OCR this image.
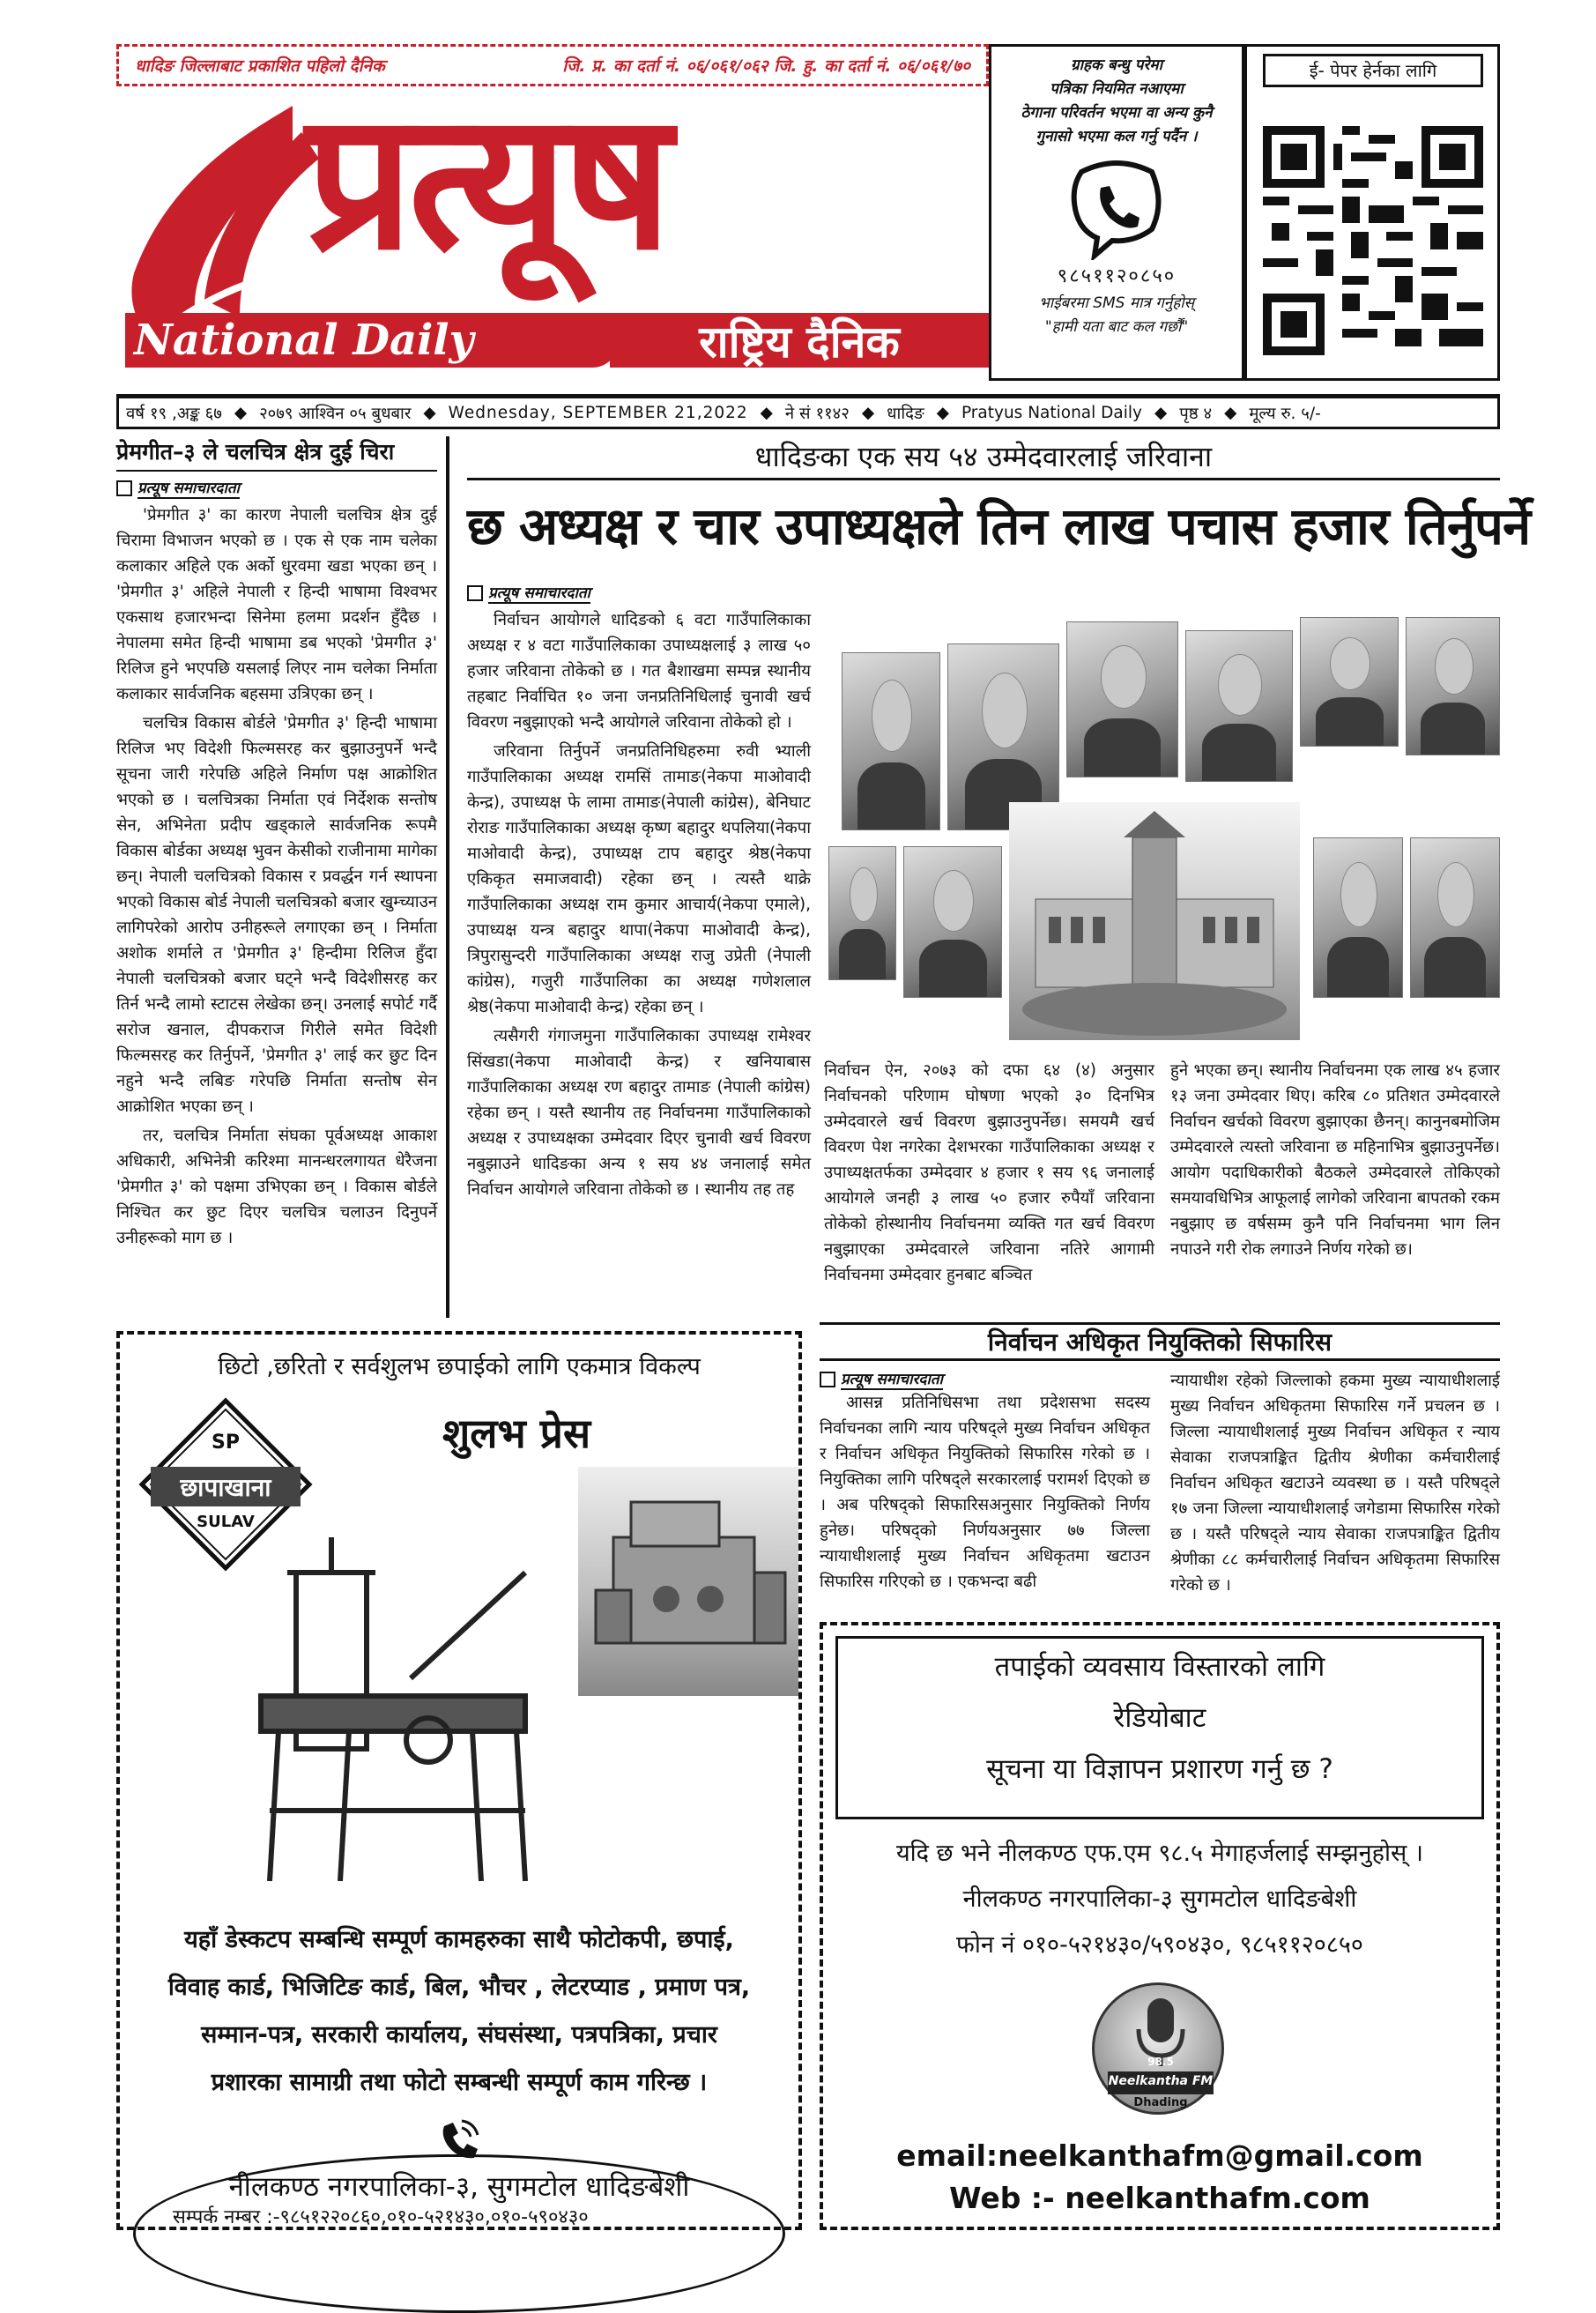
धादिङ जिल्लाबाट प्रकाशित पहिलो दैनिक	जि. प्र. का दर्ता नं. ०६/०६१/०६२ जि. हु. का दर्ता नं. ०६/०६१/७०
प्रत्यूष
National Daily	राष्ट्रिय दैनिक
ग्राहक बन्धु परेमा
पत्रिका नियमित नआएमा
ठेगाना परिवर्तन भएमा वा अन्य कुनै
गुनासो भएमा कल गर्नु पर्दैन ।
९८५११२०८५०
भाईबरमा SMS मात्र गर्नुहोस्
"हामी यता बाट कल गर्छौं"
ई- पेपर हेर्नका लागि
वर्ष १९ ,अङ्क ६७ ◆ २०७९ आश्विन ०५ बुधबार ◆ Wednesday, SEPTEMBER 21,2022 ◆ ने सं ११४२ ◆ धादिङ ◆ Pratyus National Daily ◆ पृष्ठ ४ ◆ मूल्य रु. ५/-
प्रेमगीत–३ ले चलचित्र क्षेत्र दुई चिरा
प्रत्यूष समाचारदाता

'प्रेमगीत ३' का कारण नेपाली चलचित्र क्षेत्र दुई चिरामा विभाजन भएको छ । एक से एक नाम चलेका कलाकार अहिले एक अर्को धु्रवमा खडा भएका छन् । 'प्रेमगीत ३' अहिले नेपाली र हिन्दी भाषामा विश्वभर एकसाथ हजारभन्दा सिनेमा हलमा प्रदर्शन हुँदैछ । नेपालमा समेत हिन्दी भाषामा डब भएको 'प्रेमगीत ३' रिलिज हुने भएपछि यसलाई लिएर नाम चलेका निर्माता कलाकार सार्वजनिक बहसमा उत्रिएका छन् ।

चलचित्र विकास बोर्डले 'प्रेमगीत ३' हिन्दी भाषामा रिलिज भए विदेशी फिल्मसरह कर बुझाउनुपर्ने भन्दै सूचना जारी गरेपछि अहिले निर्माण पक्ष आक्रोशित भएको छ । चलचित्रका निर्माता एवं निर्देशक सन्तोष सेन, अभिनेता प्रदीप खड्काले सार्वजनिक रूपमै विकास बोर्डका अध्यक्ष भुवन केसीको राजीनामा मागेका छन्। नेपाली चलचित्रको विकास र प्रवर्द्धन गर्न स्थापना भएको विकास बोर्ड नेपाली चलचित्रको बजार खुम्च्याउन लागिपरेको आरोप उनीहरूले लगाएका छन् । निर्माता अशोक शर्माले त 'प्रेमगीत ३' हिन्दीमा रिलिज हुँदा नेपाली चलचित्रको बजार घट्ने भन्दै विदेशीसरह कर तिर्न भन्दै लामो स्टाटस लेखेका छन्। उनलाई सपोर्ट गर्दै सरोज खनाल, दीपकराज गिरीले समेत विदेशी फिल्मसरह कर तिर्नुपर्ने, 'प्रेमगीत ३' लाई कर छुट दिन नहुने भन्दै लबिङ गरेपछि निर्माता सन्तोष सेन आक्रोशित भएका छन् ।

तर, चलचित्र निर्माता संघका पूर्वअध्यक्ष आकाश अधिकारी, अभिनेत्री करिश्मा मानन्धरलगायत धेरैजना 'प्रेमगीत ३' को पक्षमा उभिएका छन् । विकास बोर्डले निश्चित कर छुट दिएर चलचित्र चलाउन दिनुपर्ने उनीहरूको माग छ ।

धादिङका एक सय ५४ उम्मेदवारलाई जरिवाना
छ अध्यक्ष र चार उपाध्यक्षले तिन लाख पचास हजार तिर्नुपर्ने
प्रत्यूष समाचारदाता

निर्वाचन आयोगले धादिङको ६ वटा गाउँपालिकाका अध्यक्ष र ४ वटा गाउँपालिकाका उपाध्यक्षलाई ३ लाख ५० हजार जरिवाना तोकेको छ । गत बैशाखमा सम्पन्न स्थानीय तहबाट निर्वाचित १० जना जनप्रतिनिधिलाई चुनावी खर्च विवरण नबुझाएको भन्दै आयोगले जरिवाना तोकेको हो ।

जरिवाना तिर्नुपर्ने जनप्रतिनिधिहरुमा रुवी भ्याली गाउँपालिकाका अध्यक्ष रामसिं तामाङ(नेकपा माओवादी केन्द्र), उपाध्यक्ष फे लामा तामाङ(नेपाली कांग्रेस), बेनिघाट रोराङ गाउँपालिकाका अध्यक्ष कृष्ण बहादुर थपलिया(नेकपा माओवादी केन्द्र), उपाध्यक्ष टाप बहादुर श्रेष्ठ(नेकपा एकिकृत समाजवादी) रहेका छन् । त्यस्तै थाक्रे गाउँपालिकाका अध्यक्ष राम कुमार आचार्य(नेकपा एमाले), उपाध्यक्ष यन्त्र बहादुर थापा(नेकपा माओवादी केन्द्र), त्रिपुरासुन्दरी गाउँपालिकाका अध्यक्ष राजु उप्रेती (नेपाली कांग्रेस), गजुरी गाउँपालिका का अध्यक्ष गणेशलाल श्रेष्ठ(नेकपा माओवादी केन्द्र) रहेका छन् ।

त्यसैगरी गंगाजमुना गाउँपालिकाका उपाध्यक्ष रामेश्वर सिंखडा(नेकपा माओवादी केन्द्र) र खनियाबास गाउँपालिकाका अध्यक्ष रण बहादुर तामाङ (नेपाली कांग्रेस) रहेका छन् । यस्तै स्थानीय तह निर्वाचनमा गाउँपालिकाको अध्यक्ष र उपाध्यक्षका उम्मेदवार दिएर चुनावी खर्च विवरण नबुझाउने धादिङका अन्य १ सय ४४ जनालाई समेत निर्वाचन आयोगले जरिवाना तोकेको छ । स्थानीय तह तह

निर्वाचन ऐन, २०७३ को दफा ६४ (४) अनुसार निर्वाचनको परिणाम घोषणा भएको ३० दिनभित्र उम्मेदवारले खर्च विवरण बुझाउनुपर्नेछ। समयमै खर्च विवरण पेश नगरेका देशभरका गाउँपालिकाका अध्यक्ष र उपाध्यक्षतर्फका उम्मेदवार ४ हजार १ सय ९६ जनालाई आयोगले जनही ३ लाख ५० हजार रुपैयाँ जरिवाना तोकेको होस्थानीय निर्वाचनमा व्यक्ति गत खर्च विवरण नबुझाएका उम्मेदवारले जरिवाना नतिरे आगामी निर्वाचनमा उम्मेदवार हुनबाट बञ्चित
हुने भएका छन्। स्थानीय निर्वाचनमा एक लाख ४५ हजार १३ जना उम्मेदवार थिए। करिब ८० प्रतिशत उम्मेदवारले निर्वाचन खर्चको विवरण बुझाएका छैनन्। कानुनबमोजिम उम्मेदवारले त्यस्तो जरिवाना छ महिनाभित्र बुझाउनुपर्नेछ। आयोग पदाधिकारीको बैठकले उम्मेदवारले तोकिएको समयावधिभित्र आफूलाई लागेको जरिवाना बापतको रकम नबुझाए छ वर्षसम्म कुनै पनि निर्वाचनमा भाग लिन नपाउने गरी रोक लगाउने निर्णय गरेको छ।
छिटो ,छरितो र सर्वशुलभ छपाईको लागि एकमात्र विकल्प
SP
छापाखाना
SULAV
शुलभ प्रेस
यहाँ डेस्कटप सम्बन्धि सम्पूर्ण कामहरुका साथै फोटोकपी, छपाई,
विवाह कार्ड, भिजिटिङ कार्ड, बिल, भौचर , लेटरप्याड , प्रमाण पत्र,
सम्मान-पत्र, सरकारी कार्यालय, संघसंस्था, पत्रपत्रिका, प्रचार
प्रशारका सामाग्री तथा फोटो सम्बन्धी सम्पूर्ण काम गरिन्छ ।
नीलकण्ठ नगरपालिका-३, सुगमटोल धादिङबेशी
सम्पर्क नम्बर :-९८५१२२०८६०,०१०-५२१४३०,०१०-५९०४३०
निर्वाचन अधिकृत नियुक्तिको सिफारिस
प्रत्यूष समाचारदाता
आसन्न प्रतिनिधिसभा तथा प्रदेशसभा सदस्य निर्वाचनका लागि न्याय परिषद्ले मुख्य निर्वाचन अधिकृत र निर्वाचन अधिकृत नियुक्तिको सिफारिस गरेको छ । नियुक्तिका लागि परिषद्ले सरकारलाई परामर्श दिएको छ । अब परिषद्को सिफारिसअनुसार नियुक्तिको निर्णय हुनेछ। परिषद्को निर्णयअनुसार ७७ जिल्ला न्यायाधीशलाई मुख्य निर्वाचन अधिकृतमा खटाउन सिफारिस गरिएको छ । एकभन्दा बढी
न्यायाधीश रहेको जिल्लाको हकमा मुख्य न्यायाधीशलाई मुख्य निर्वाचन अधिकृतमा सिफारिस गर्ने प्रचलन छ । जिल्ला न्यायाधीशलाई मुख्य निर्वाचन अधिकृत र न्याय सेवाका राजपत्राङ्कित द्वितीय श्रेणीका कर्मचारीलाई निर्वाचन अधिकृत खटाउने व्यवस्था छ । यस्तै परिषद्ले १७ जना जिल्ला न्यायाधीशलाई जगेडामा सिफारिस गरेको छ । यस्तै परिषद्ले न्याय सेवाका राजपत्राङ्कित द्वितीय श्रेणीका ८८ कर्मचारीलाई निर्वाचन अधिकृतमा सिफारिस गरेको छ ।
तपाईको व्यवसाय विस्तारको लागि
रेडियोबाट
सूचना या विज्ञापन प्रशारण गर्नु छ ?
यदि छ भने नीलकण्ठ एफ.एम ९८.५ मेगाहर्जलाई सम्झनुहोस् ।
नीलकण्ठ नगरपालिका-३ सुगमटोल धादिङबेशी
फोन नं ०१०-५२१४३०/५९०४३०, ९८५११२०८५०
98.5
Neelkantha FM
Dhading
email:neelkanthafm@gmail.com
Web :- neelkanthafm.com
